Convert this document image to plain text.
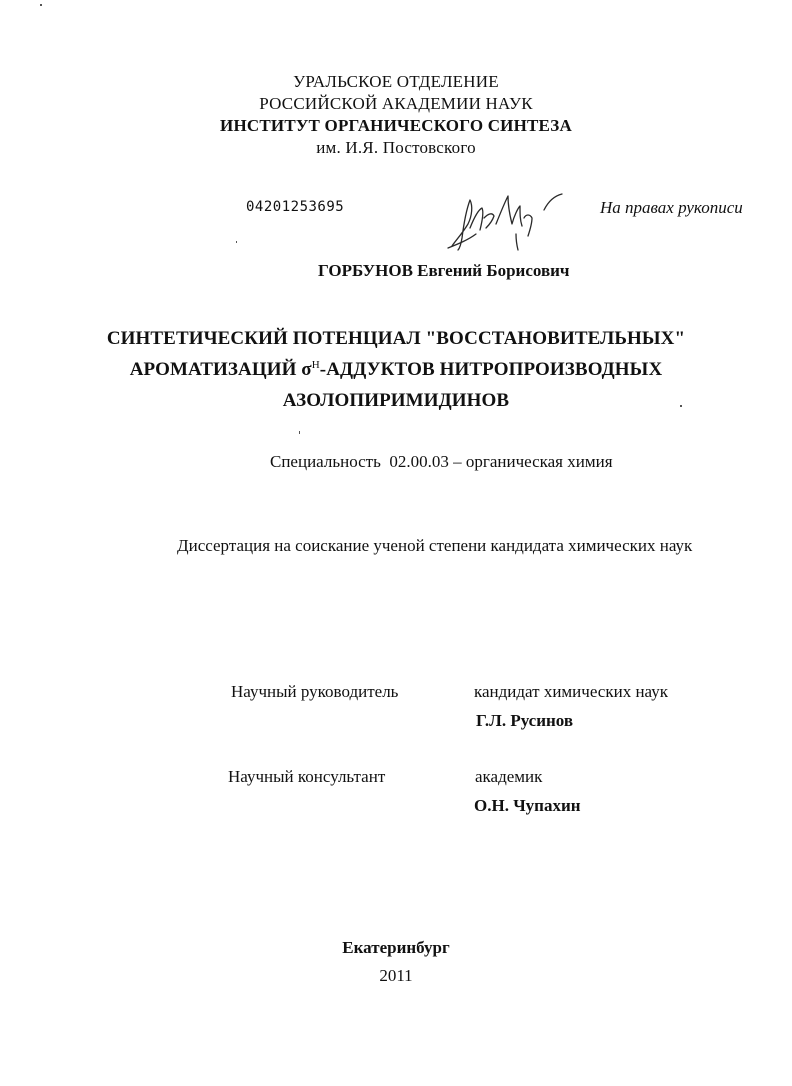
УРАЛЬСКОЕ ОТДЕЛЕНИЕ
РОССИЙСКОЙ АКАДЕМИИ НАУК
ИНСТИТУТ ОРГАНИЧЕСКОГО СИНТЕЗА
им. И.Я. Постовского
04201253695	На правах рукописи
ГОРБУНОВ Евгений Борисович
СИНТЕТИЧЕСКИЙ ПОТЕНЦИАЛ "ВОССТАНОВИТЕЛЬНЫХ"
АРОМАТИЗАЦИЙ $\sigma^Н$-АДДУКТОВ НИТРОПРОИЗВОДНЫХ
АЗОЛОПИРИМИДИНОВ
Специальность  02.00.03 – органическая химия
Диссертация на соискание ученой степени кандидата химических наук
Научный руководитель	кандидат химических наук
Г.Л. Русинов
Научный консультант	академик
О.Н. Чупахин
Екатеринбург
2011
